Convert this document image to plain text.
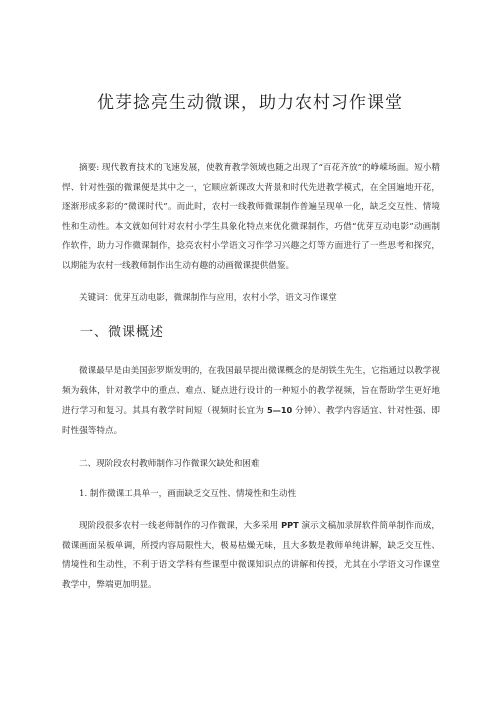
优芽捻亮生动微课，助力农村习作课堂

摘要: 现代教育技术的飞速发展，使教育教学领域也随之出现了“百花齐放”的峥嵘场面。短小精悍、针对性强的微课便是其中之一，它顺应新课改大背景和时代先进教学模式，在全国遍地开花，逐渐形成多彩的“微课时代”。而此时，农村一线教师微课制作普遍呈现单一化，缺乏交互性、情境性和生动性。本文就如何针对农村小学生具象化特点来优化微课制作，巧借“优芽互动电影”动画制作软件，助力习作微课制作，捻亮农村小学语文习作学习兴趣之灯等方面进行了一些思考和探究，以期能为农村一线教师制作出生动有趣的动画微课提供借鉴。

关键词：优芽互动电影，微课制作与应用，农村小学，语文习作课堂

一、微课概述

微课最早是由美国彭罗斯发明的，在我国最早提出微课概念的是胡铁生先生，它指通过以教学视频为载体，针对教学中的重点、难点、疑点进行设计的一种短小的教学视频，旨在帮助学生更好地进行学习和复习。其具有教学时间短（视频时长宜为 5—10 分钟）、教学内容适宜、针对性强、即时性强等特点。

二、现阶段农村教师制作习作微课欠缺处和困难
1. 制作微课工具单一，画面缺乏交互性、情境性和生动性

现阶段很多农村一线老师制作的习作微课，大多采用 PPT 演示文稿加录屏软件简单制作而成，微课画面呆板单调，所授内容局限性大，极易枯燥无味，且大多数是教师单纯讲解，缺乏交互性、情境性和生动性，不利于语文学科有些课型中微课知识点的讲解和传授，尤其在小学语文习作课堂教学中，弊端更加明显。
